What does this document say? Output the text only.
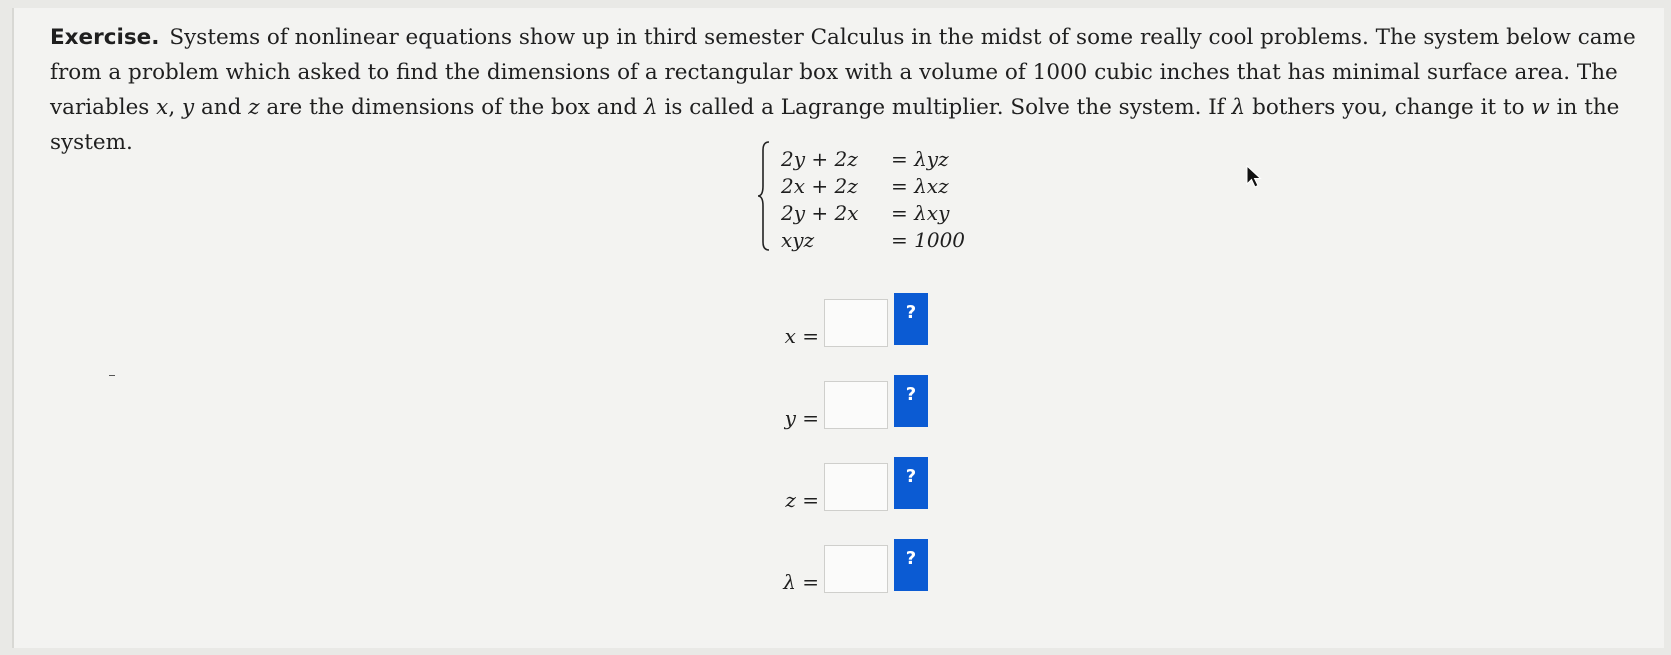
Exercise. Systems of nonlinear equations show up in third semester Calculus in the midst of some really cool problems. The system below came from a problem which asked to find the dimensions of a rectangular box with a volume of 1000 cubic inches that has minimal surface area. The variables x, y and z are the dimensions of the box and λ is called a Lagrange multiplier. Solve the system. If λ bothers you, change it to w in the system.
2y + 2z	= λyz
2x + 2z	= λxz
2y + 2x	= λxy
xyz	= 1000
x =
?
y =
?
z =
?
λ =
?
